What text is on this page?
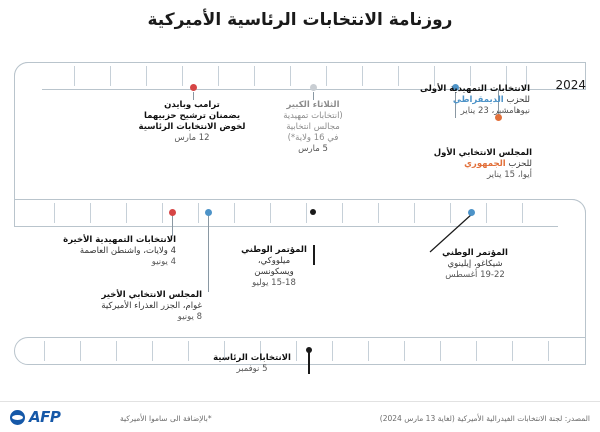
روزنامة الانتخابات الرئاسية الأميركية
2024
الانتخابات التمهيدية الأولى
للحزب الديمقراطي
نيوهامشير، 23 يناير
المجلس الانتخابي الأول
للحزب الجمهوري
أيوا، 15 يناير
الثلاثاء الكبير
(انتخابات تمهيدية
مجالس انتخابية
في 16 ولاية*)
5 مارس
ترامب وبايدن
يضمنان ترشيح حزبيهما
لخوض الانتخابات الرئاسية
12 مارس
الانتخابات التمهيدية الأخيرة
4 ولايات، واشنطن العاصمة
4 يونيو
المجلس الانتخابي الأخير
غوام، الجزر العذراء الأميركية
8 يونيو
المؤتمر الوطني
ميلووكي، ويسكونسن
15-18 يوليو
المؤتمر الوطني
شيكاغو، إيلينوي
19-22 أغسطس
الانتخابات الرئاسية
5 نوفمبر
AFP	المصدر: لجنة الانتخابات الفيدرالية الأميركية (لغاية 13 مارس 2024)
*بالإضافة الى ساموا الأميركية
